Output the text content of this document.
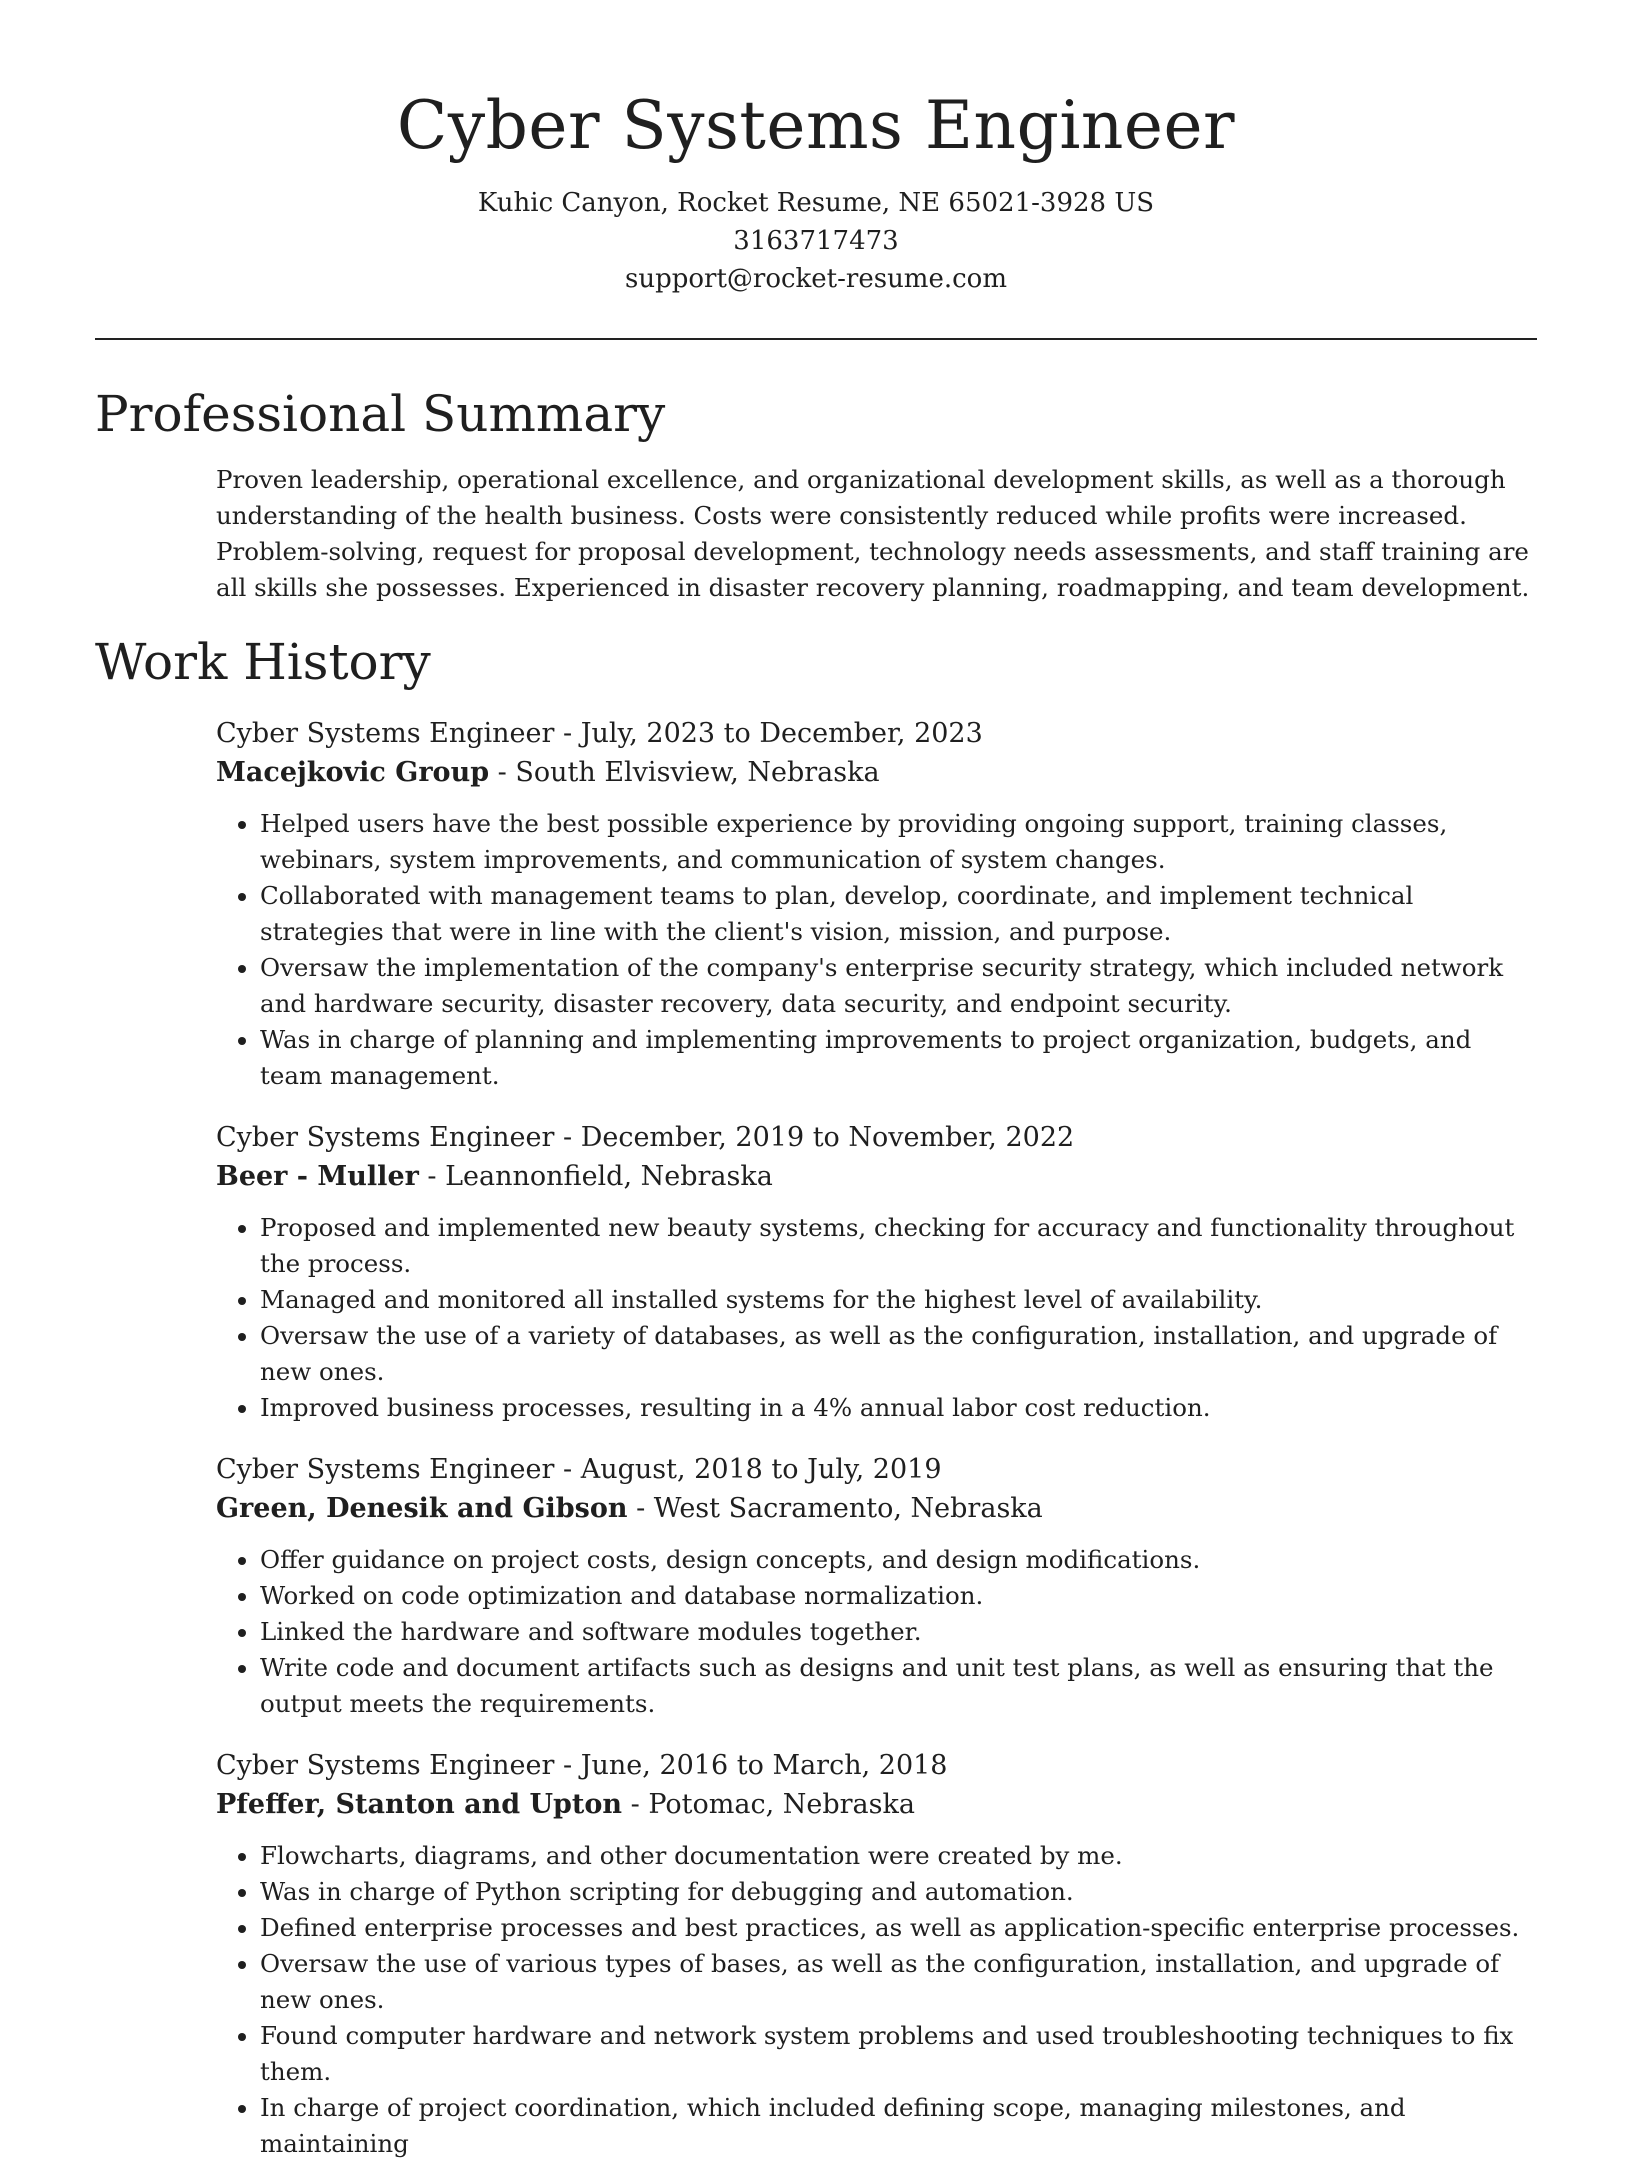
Cyber Systems Engineer
Kuhic Canyon, Rocket Resume, NE 65021-3928 US
3163717473
support@rocket-resume.com
Professional Summary

Proven leadership, operational excellence, and organizational development skills, as well as a thorough understanding of the health business. Costs were consistently reduced while profits were increased. Problem-solving, request for proposal development, technology needs assessments, and staff training are all skills she possesses. Experienced in disaster recovery planning, roadmapping, and team development.

Work History

Cyber Systems Engineer - July, 2023 to December, 2023

Macejkovic Group - South Elvisview, Nebraska

• Helped users have the best possible experience by providing ongoing support, training classes, webinars, system improvements, and communication of system changes.
• Collaborated with management teams to plan, develop, coordinate, and implement technical strategies that were in line with the client's vision, mission, and purpose.
• Oversaw the implementation of the company's enterprise security strategy, which included network and hardware security, disaster recovery, data security, and endpoint security.
• Was in charge of planning and implementing improvements to project organization, budgets, and team management.

Cyber Systems Engineer - December, 2019 to November, 2022

Beer - Muller - Leannonfield, Nebraska

• Proposed and implemented new beauty systems, checking for accuracy and functionality throughout the process.
• Managed and monitored all installed systems for the highest level of availability.
• Oversaw the use of a variety of databases, as well as the configuration, installation, and upgrade of new ones.
• Improved business processes, resulting in a 4% annual labor cost reduction.

Cyber Systems Engineer - August, 2018 to July, 2019

Green, Denesik and Gibson - West Sacramento, Nebraska

• Offer guidance on project costs, design concepts, and design modifications.
• Worked on code optimization and database normalization.
• Linked the hardware and software modules together.
• Write code and document artifacts such as designs and unit test plans, as well as ensuring that the output meets the requirements.

Cyber Systems Engineer - June, 2016 to March, 2018

Pfeffer, Stanton and Upton - Potomac, Nebraska

• Flowcharts, diagrams, and other documentation were created by me.
• Was in charge of Python scripting for debugging and automation.
• Defined enterprise processes and best practices, as well as application-specific enterprise processes.
• Oversaw the use of various types of bases, as well as the configuration, installation, and upgrade of new ones.
• Found computer hardware and network system problems and used troubleshooting techniques to fix them.
• In charge of project coordination, which included defining scope, managing milestones, and maintaining
